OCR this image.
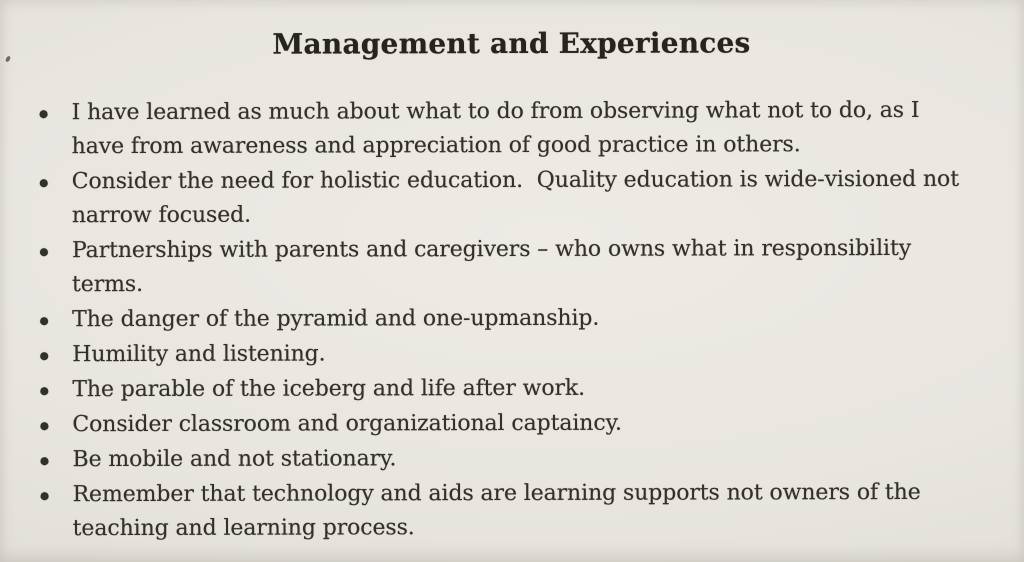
Management and Experiences
I have learned as much about what to do from observing what not to do, as I
have from awareness and appreciation of good practice in others.
Consider the need for holistic education.  Quality education is wide-visioned not
narrow focused.
Partnerships with parents and caregivers – who owns what in responsibility
terms.
The danger of the pyramid and one-upmanship.
Humility and listening.
The parable of the iceberg and life after work.
Consider classroom and organizational captaincy.
Be mobile and not stationary.
Remember that technology and aids are learning supports not owners of the
teaching and learning process.
